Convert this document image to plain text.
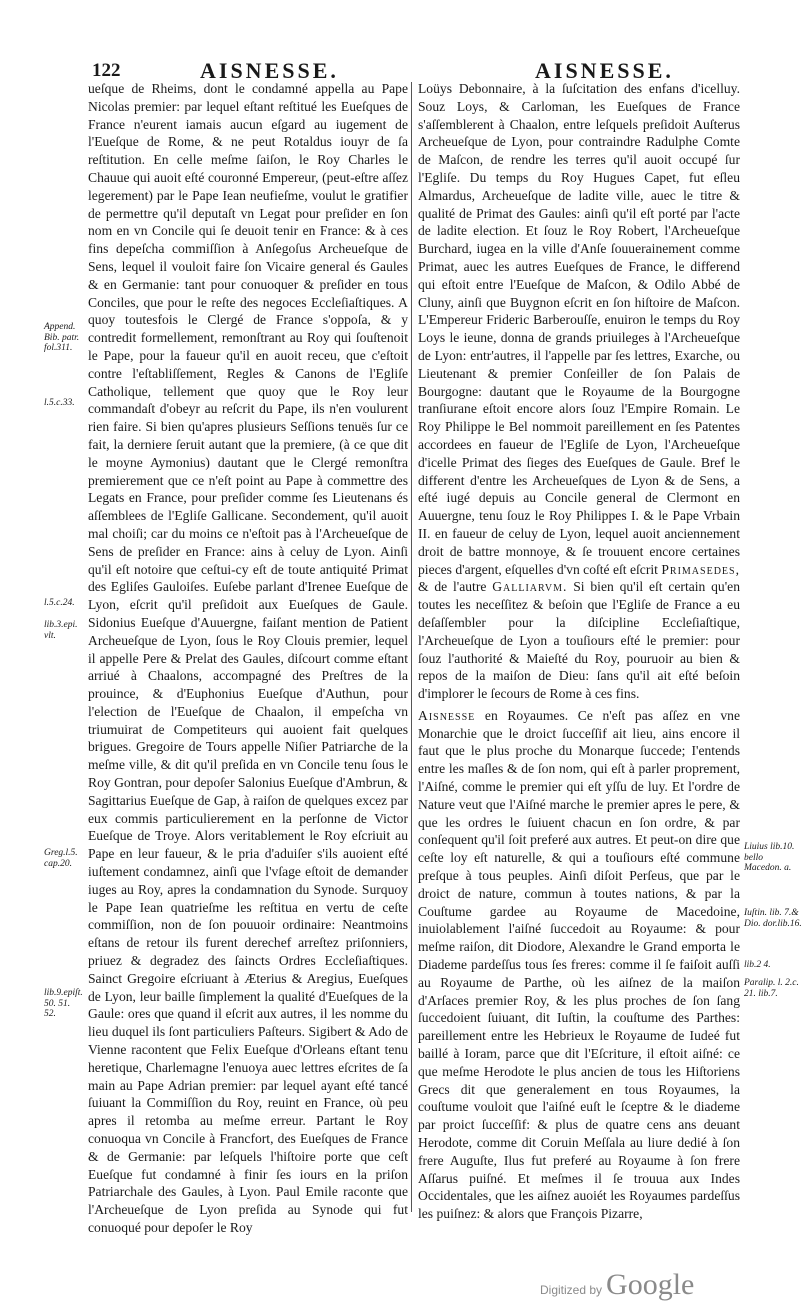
122	AISNESSE.	AISNESSE.

ueſque de Rheims, dont le condamné appella au Pape Nicolas premier: par lequel eſtant reſtitué les Eueſques de France n'eurent iamais aucun eſgard au iugement de l'Eueſque de Rome, & ne peut Rotaldus iouyr de ſa reſtitution. En celle meſme ſaiſon, le Roy Charles le Chauue qui auoit eſté couronné Empereur, (peut-eſtre aſſez legerement) par le Pape Iean neufieſme, voulut le gratifier de permettre qu'il deputaſt vn Legat pour preſider en ſon nom en vn Concile qui ſe deuoit tenir en France: & à ces fins depeſcha commiſſion à Anſegoſus Archeueſque de Sens, lequel il vouloit faire ſon Vicaire general és Gaules & en Germanie: tant pour conuoquer & preſider en tous Conciles, que pour le reſte des negoces Eccleſiaſtiques. A quoy toutesfois le Clergé de France s'oppoſa, & y contredit formellement, remonſtrant au Roy qui ſouſtenoit le Pape, pour la faueur qu'il en auoit receu, que c'eſtoit contre l'eſtabliſſement, Regles & Canons de l'Egliſe Catholique, tellement que quoy que le Roy leur commandaſt d'obeyr au reſcrit du Pape, ils n'en voulurent rien faire. Si bien qu'apres plusieurs Seſſions tenuës ſur ce fait, la derniere ſeruit autant que la premiere, (à ce que dit le moyne Aymonius) dautant que le Clergé remonſtra premierement que ce n'eſt point au Pape à commettre des Legats en France, pour preſider comme ſes Lieutenans és aſſemblees de l'Egliſe Gallicane. Secondement, qu'il auoit mal choiſi; car du moins ce n'eſtoit pas à l'Archeueſque de Sens de preſider en France: ains à celuy de Lyon. Ainſi qu'il eſt notoire que ceſtui-cy eſt de toute antiquité Primat des Egliſes Gauloiſes. Euſebe parlant d'Irenee Eueſque de Lyon, eſcrit qu'il preſidoit aux Eueſques de Gaule. Sidonius Eueſque d'Auuergne, faiſant mention de Patient Archeueſque de Lyon, ſous le Roy Clouis premier, lequel il appelle Pere & Prelat des Gaules, diſcourt comme eſtant arriué à Chaalons, accompagné des Preſtres de la prouince, & d'Euphonius Eueſque d'Authun, pour l'election de l'Eueſque de Chaalon, il empeſcha vn triumuirat de Competiteurs qui auoient fait quelques brigues. Gregoire de Tours appelle Niſier Patriarche de la meſme ville, & dit qu'il preſida en vn Concile tenu ſous le Roy Gontran, pour depoſer Salonius Eueſque d'Ambrun, & Sagittarius Eueſque de Gap, à raiſon de quelques excez par eux commis particulierement en la perſonne de Victor Eueſque de Troye. Alors veritablement le Roy eſcriuit au Pape en leur faueur, & le pria d'aduiſer s'ils auoient eſté iuſtement condamnez, ainſi que l'vſage eſtoit de demander iuges au Roy, apres la condamnation du Synode. Surquoy le Pape Iean quatrieſme les reſtitua en vertu de ceſte commiſſion, non de ſon pouuoir ordinaire: Neantmoins eſtans de retour ils furent derechef arreſtez priſonniers, priuez & degradez des ſaincts Ordres Eccleſiaſtiques. Sainct Gregoire eſcriuant à Æterius & Aregius, Eueſques de Lyon, leur baille ſimplement la qualité d'Eueſques de la Gaule: ores que quand il eſcrit aux autres, il les nomme du lieu duquel ils ſont particuliers Paſteurs. Sigibert & Ado de Vienne racontent que Felix Eueſque d'Orleans eſtant tenu heretique, Charlemagne l'enuoya auec lettres eſcrites de ſa main au Pape Adrian premier: par lequel ayant eſté tancé ſuiuant la Commiſſion du Roy, reuint en France, où peu apres il retomba au meſme erreur. Partant le Roy conuoqua vn Concile à Francfort, des Eueſques de France & de Germanie: par leſquels l'hiſtoire porte que ceſt Eueſque fut condamné à finir ſes iours en la priſon Patriarchale des Gaules, à Lyon. Paul Emile raconte que l'Archeueſque de Lyon preſida au Synode qui fut conuoqué pour depoſer le Roy

Loüys Debonnaire, à la ſuſcitation des enfans d'icelluy. Souz Loys, & Carloman, les Eueſques de France s'aſſemblerent à Chaalon, entre leſquels preſidoit Auſterus Archeueſque de Lyon, pour contraindre Radulphe Comte de Maſcon, de rendre les terres qu'il auoit occupé ſur l'Egliſe. Du temps du Roy Hugues Capet, fut eſleu Almardus, Archeueſque de ladite ville, auec le titre & qualité de Primat des Gaules: ainſi qu'il eſt porté par l'acte de ladite election. Et ſouz le Roy Robert, l'Archeueſque Burchard, iugea en la ville d'Anſe ſouuerainement comme Primat, auec les autres Eueſques de France, le differend qui eſtoit entre l'Eueſque de Maſcon, & Odilo Abbé de Cluny, ainſi que Buygnon eſcrit en ſon hiſtoire de Maſcon. L'Empereur Frideric Barberouſſe, enuiron le temps du Roy Loys le ieune, donna de grands priuileges à l'Archeueſque de Lyon: entr'autres, il l'appelle par ſes lettres, Exarche, ou Lieutenant & premier Conſeiller de ſon Palais de Bourgogne: dautant que le Royaume de la Bourgogne tranſiurane eſtoit encore alors ſouz l'Empire Romain. Le Roy Philippe le Bel nommoit pareillement en ſes Patentes accordees en faueur de l'Egliſe de Lyon, l'Archeueſque d'icelle Primat des ſieges des Eueſques de Gaule. Bref le different d'entre les Archeueſques de Lyon & de Sens, a eſté iugé depuis au Concile general de Clermont en Auuergne, tenu ſouz le Roy Philippes I. & le Pape Vrbain II. en faueur de celuy de Lyon, lequel auoit anciennement droit de battre monnoye, & ſe trouuent encore certaines pieces d'argent, eſquelles d'vn coſté eſt eſcrit Primasedes, & de l'autre Galliarvm. Si bien qu'il eſt certain qu'en toutes les neceſſitez & beſoin que l'Egliſe de France a eu deſaſſembler pour la diſcipline Eccleſiaſtique, l'Archeueſque de Lyon a touſiours eſté le premier: pour ſouz l'authorité & Maieſté du Roy, pouruoir au bien & repos de la maiſon de Dieu: ſans qu'il ait eſté beſoin d'implorer le ſecours de Rome à ces fins.

Aisnesse en Royaumes. Ce n'eſt pas aſſez en vne Monarchie que le droict ſucceſſif ait lieu, ains encore il faut que le plus proche du Monarque ſuccede; I'entends entre les maſles & de ſon nom, qui eſt à parler proprement, l'Aiſné, comme le premier qui eſt yſſu de luy. Et l'ordre de Nature veut que l'Aiſné marche le premier apres le pere, & que les ordres le ſuiuent chacun en ſon ordre, & par conſequent qu'il ſoit preferé aux autres. Et peut-on dire que ceſte loy eſt naturelle, & qui a touſiours eſté commune preſque à tous peuples. Ainſi diſoit Perſeus, que par le droict de nature, commun à toutes nations, & par la Couſtume gardee au Royaume de Macedoine, inuiolablement l'aiſné ſuccedoit au Royaume: & pour meſme raiſon, dit Diodore, Alexandre le Grand emporta le Diademe pardeſſus tous ſes freres: comme il ſe faiſoit auſſi au Royaume de Parthe, où les aiſnez de la maiſon d'Arſaces premier Roy, & les plus proches de ſon ſang ſuccedoient ſuiuant, dit Iuſtin, la couſtume des Parthes: pareillement entre les Hebrieux le Royaume de Iudeé fut baillé à Ioram, parce que dit l'Eſcriture, il eſtoit aiſné: ce que meſme Herodote le plus ancien de tous les Hiſtoriens Grecs dit que generalement en tous Royaumes, la couſtume vouloit que l'aiſné euſt le ſceptre & le diademe par proict ſucceſſif: & plus de quatre cens ans deuant Herodote, comme dit Coruin Meſſala au liure dedié à ſon frere Auguſte, Ilus fut preferé au Royaume à ſon frere Aſſarus puiſné. Et meſmes il ſe trouua aux Indes Occidentales, que les aiſnez auoiét les Royaumes pardeſſus les puiſnez: & alors que François Pizarre,

Append. Bib. patr. fol.311.
l.5.c.33.
l.5.c.24.
lib.3.epi. vlt.
Greg.l.5. cap.20.
lib.9.epiſt. 50. 51. 52.
Liuius lib.10. bello Macedon. a.
Iuſtin. lib. 7.& Dio. dor.lib.16.
lib.2 4.
Paralip. l. 2.c. 21. lib.7.
Digitized by Google
